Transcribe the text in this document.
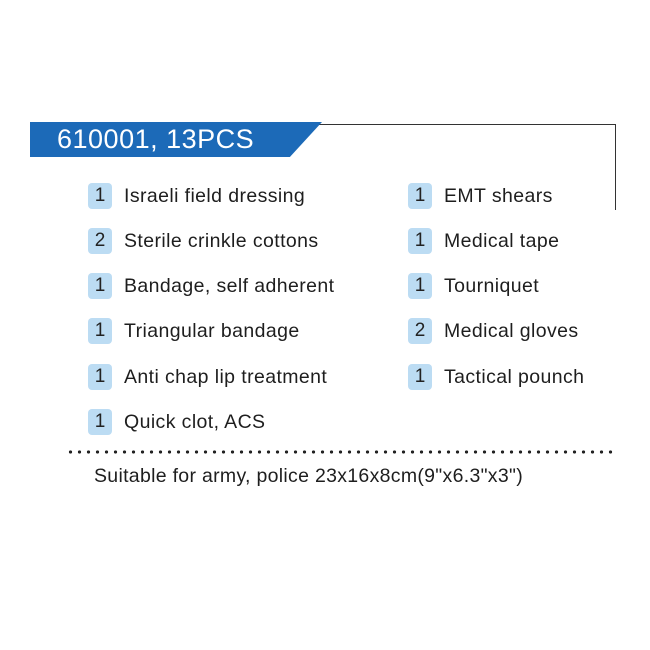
610001, 13PCS
1 Israeli field dressing
2 Sterile crinkle cottons
1 Bandage, self adherent
1 Triangular bandage
1 Anti chap lip treatment
1 Quick clot, ACS
1 EMT shears
1 Medical tape
1 Tourniquet
2 Medical gloves
1 Tactical pounch
Suitable for army, police 23x16x8cm(9"x6.3"x3")
